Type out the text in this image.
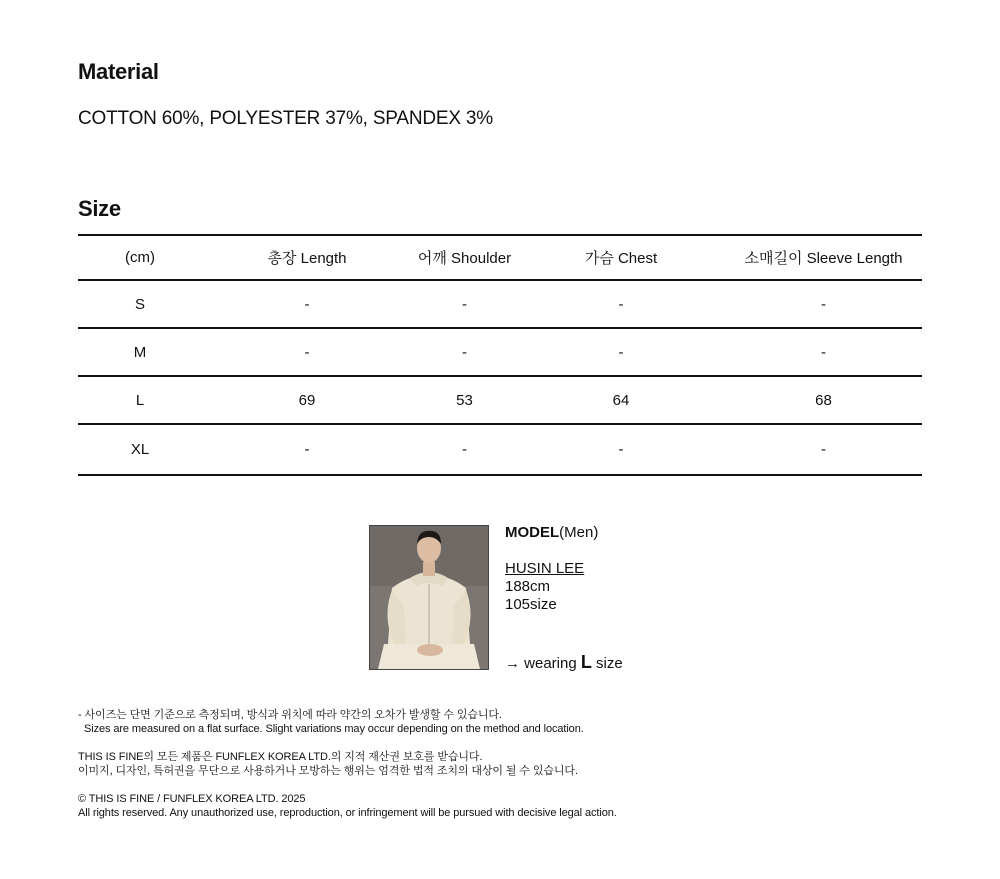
Material

COTTON 60%, POLYESTER 37%, SPANDEX 3%

Size
(cm)	총장 Length	어깨 Shoulder	가슴 Chest	소매길이 Sleeve Length
S	-	-	-	-
M	-	-	-	-
L	69	53	64	68
XL	-	-	-	-
MODEL(Men)
HUSIN LEE
188cm
105size
→ wearing L size

- 사이즈는 단면 기준으로 측정되며, 방식과 위치에 따라 약간의 오차가 발생할 수 있습니다.

Sizes are measured on a flat surface. Slight variations may occur depending on the method and location.

THIS IS FINE의 모든 제품은 FUNFLEX KOREA LTD.의 지적 재산권 보호를 받습니다.

이미지, 디자인, 특허권을 무단으로 사용하거나 모방하는 행위는 엄격한 법적 조치의 대상이 될 수 있습니다.

© THIS IS FINE / FUNFLEX KOREA LTD. 2025

All rights reserved. Any unauthorized use, reproduction, or infringement will be pursued with decisive legal action.
